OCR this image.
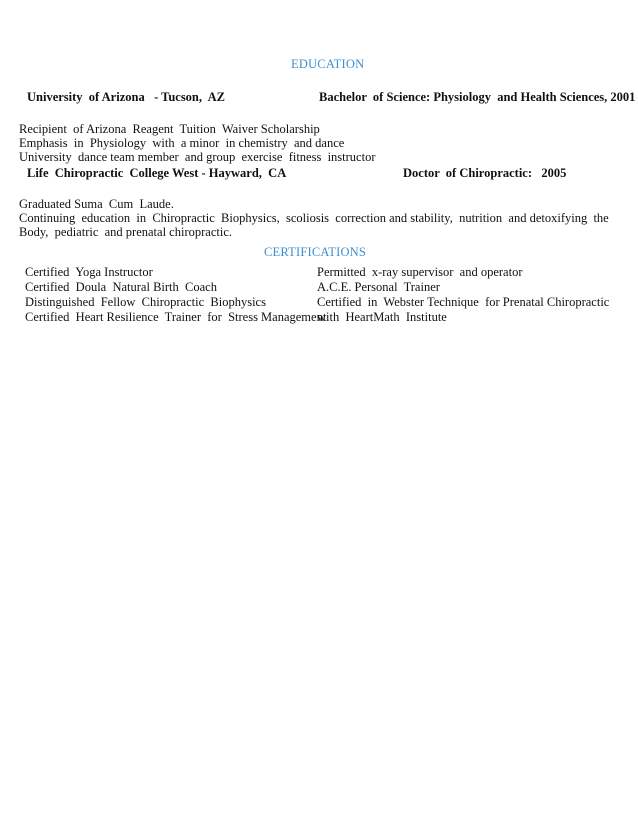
EDUCATION
University  of Arizona   - Tucson,  AZ	Bachelor  of Science: Physiology  and Health Sciences, 2001
Recipient  of Arizona  Reagent  Tuition  Waiver Scholarship
Emphasis  in  Physiology  with  a minor  in chemistry  and dance
University  dance team member  and group  exercise  fitness  instructor
Life  Chiropractic  College West - Hayward,  CA	Doctor  of Chiropractic:   2005
Graduated Suma  Cum  Laude.
Continuing  education  in  Chiropractic  Biophysics,  scoliosis  correction and stability,  nutrition  and detoxifying  the
Body,  pediatric  and prenatal chiropractic.
CERTIFICATIONS
Certified  Yoga Instructor
Certified  Doula  Natural Birth  Coach
Distinguished  Fellow  Chiropractic  Biophysics
Certified  Heart Resilience  Trainer  for  Stress Management
Permitted  x-ray supervisor  and operator
A.C.E. Personal  Trainer
Certified  in  Webster Technique  for Prenatal Chiropractic
with  HeartMath  Institute
